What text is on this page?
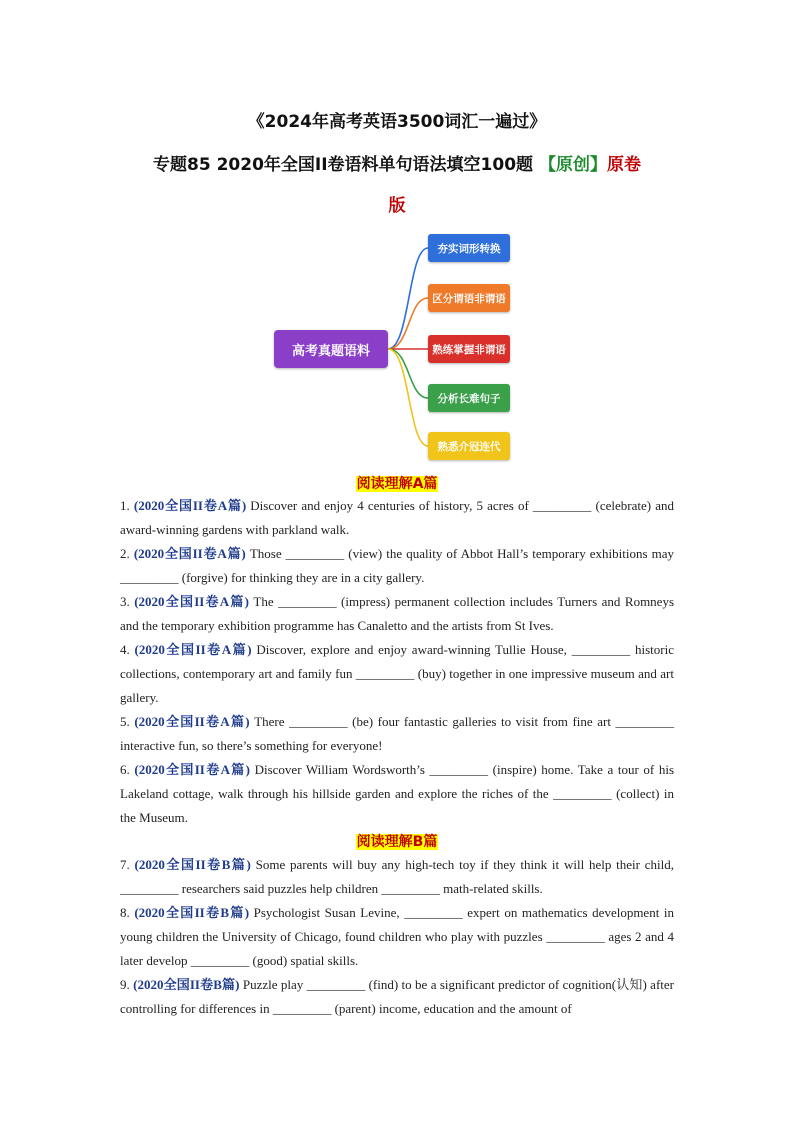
《2024年高考英语3500词汇一遍过》
专题85 2020年全国II卷语料单句语法填空100题 【原创】原卷
版
高考真题语料
夯实词形转换
区分谓语非谓语
熟练掌握非谓语
分析长难句子
熟悉介冠连代
阅读理解A篇
1. (2020全国II卷A篇) Discover and enjoy 4 centuries of history, 5 acres of _________ (celebrate) and award-winning gardens with parkland walk.
2. (2020全国II卷A篇) Those _________ (view) the quality of Abbot Hall’s temporary exhibitions may _________ (forgive) for thinking they are in a city gallery.
3. (2020全国II卷A篇) The _________ (impress) permanent collection includes Turners and Romneys and the temporary exhibition programme has Canaletto and the artists from St Ives.
4. (2020全国II卷A篇) Discover, explore and enjoy award-winning Tullie House, _________ historic collections, contemporary art and family fun _________ (buy) together in one impressive museum and art gallery.
5. (2020全国II卷A篇) There _________ (be) four fantastic galleries to visit from fine art _________ interactive fun, so there’s something for everyone!
6. (2020全国II卷A篇) Discover William Wordsworth’s _________ (inspire) home. Take a tour of his Lakeland cottage, walk through his hillside garden and explore the riches of the _________ (collect) in the Museum.
阅读理解B篇
7. (2020全国II卷B篇) Some parents will buy any high-tech toy if they think it will help their child, _________ researchers said puzzles help children _________ math-related skills.
8. (2020全国II卷B篇) Psychologist Susan Levine, _________ expert on mathematics development in young children the University of Chicago, found children who play with puzzles _________ ages 2 and 4 later develop _________ (good) spatial skills.
9. (2020全国II卷B篇) Puzzle play _________ (find) to be a significant predictor of cognition(认知) after controlling for differences in _________ (parent) income, education and the amount of
